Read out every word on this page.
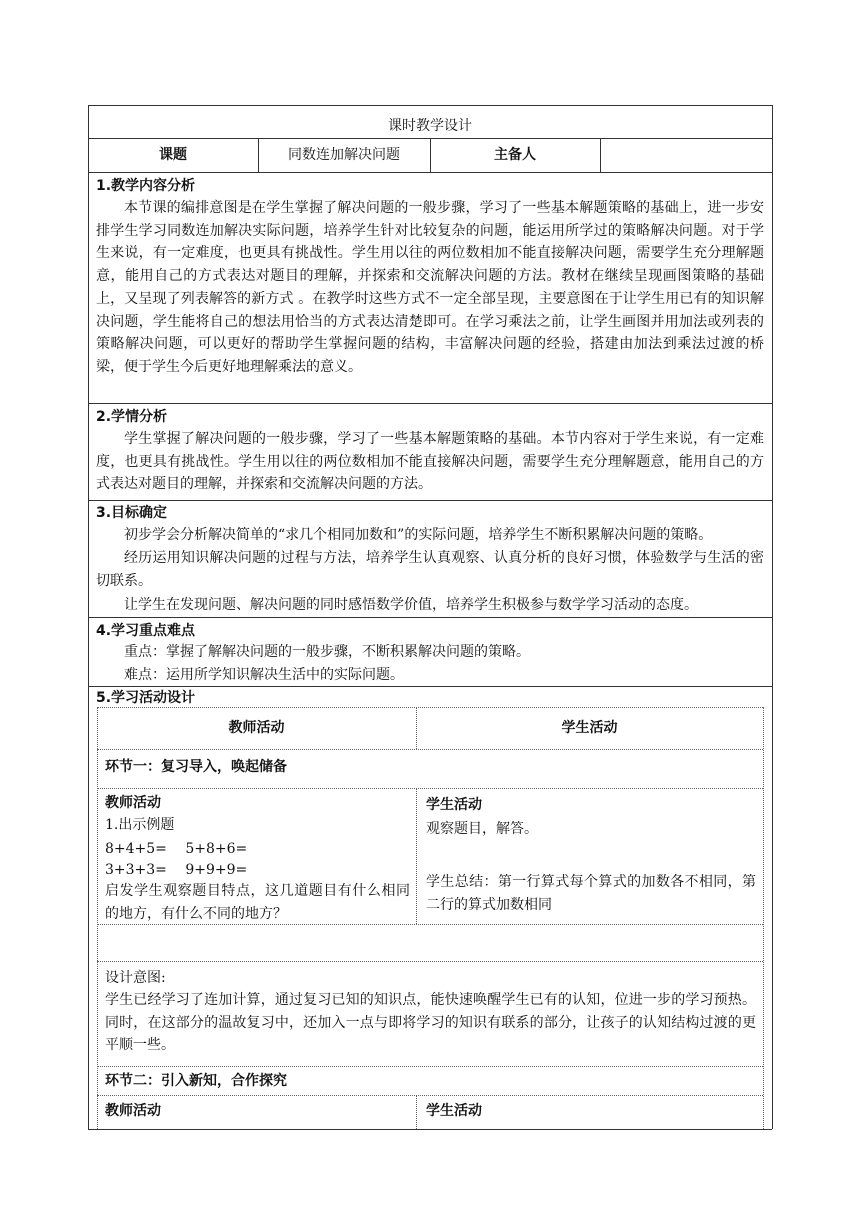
课时教学设计
课题	同数连加解决问题	主备人
1.教学内容分析
本节课的编排意图是在学生掌握了解决问题的一般步骤，学习了一些基本解题策略的基础上，进一步安排学生学习同数连加解决实际问题，培养学生针对比较复杂的问题，能运用所学过的策略解决问题。对于学生来说，有一定难度，也更具有挑战性。学生用以往的两位数相加不能直接解决问题，需要学生充分理解题意，能用自己的方式表达对题目的理解，并探索和交流解决问题的方法。教材在继续呈现画图策略的基础上，又呈现了列表解答的新方式 。在教学时这些方式不一定全部呈现，主要意图在于让学生用已有的知识解决问题，学生能将自己的想法用恰当的方式表达清楚即可。在学习乘法之前，让学生画图并用加法或列表的策略解决问题，可以更好的帮助学生掌握问题的结构，丰富解决问题的经验，搭建由加法到乘法过渡的桥梁，便于学生今后更好地理解乘法的意义。
2.学情分析
学生掌握了解决问题的一般步骤，学习了一些基本解题策略的基础。本节内容对于学生来说，有一定难度，也更具有挑战性。学生用以往的两位数相加不能直接解决问题，需要学生充分理解题意，能用自己的方式表达对题目的理解，并探索和交流解决问题的方法。
3.目标确定
初步学会分析解决简单的“求几个相同加数和”的实际问题，培养学生不断积累解决问题的策略。
经历运用知识解决问题的过程与方法，培养学生认真观察、认真分析的良好习惯，体验数学与生活的密切联系。
让学生在发现问题、解决问题的同时感悟数学价值，培养学生积极参与数学学习活动的态度。
4.学习重点难点
重点：掌握了解解决问题的一般步骤，不断积累解决问题的策略。
难点：运用所学知识解决生活中的实际问题。
5.学习活动设计
教师活动	学生活动
环节一：复习导入，唤起储备
教师活动
1.出示例题
8+4+5=　 5+8+6=
3+3+3=　 9+9+9=
启发学生观察题目特点，这几道题目有什么相同的地方，有什么不同的地方？
学生活动
观察题目，解答。
学生总结：第一行算式每个算式的加数各不相同，第二行的算式加数相同
设计意图:
学生已经学习了连加计算，通过复习已知的知识点，能快速唤醒学生已有的认知，位进一步的学习预热。同时，在这部分的温故复习中，还加入一点与即将学习的知识有联系的部分，让孩子的认知结构过渡的更平顺一些。
环节二：引入新知，合作探究
教师活动	学生活动
